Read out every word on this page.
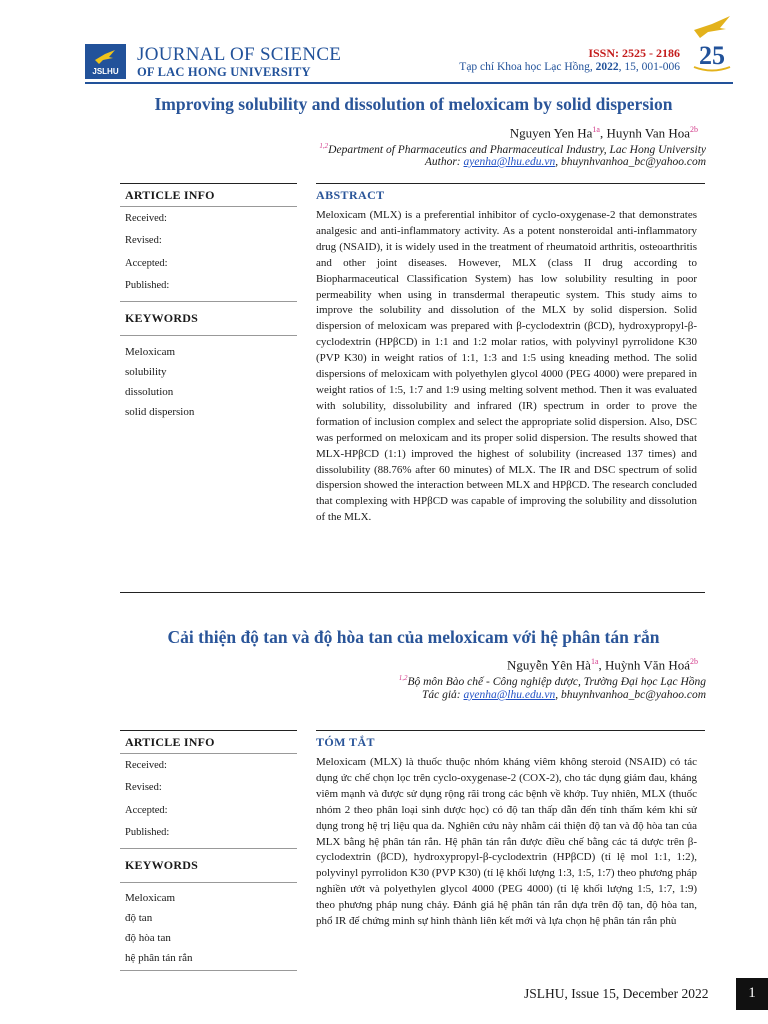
JSLHU
JOURNAL OF SCIENCE
OF LAC HONG UNIVERSITY
ISSN: 2525 - 2186
Tạp chí Khoa học Lạc Hồng, 2022, 15, 001-006 25
Improving solubility and dissolution of meloxicam by solid dispersion
Nguyen Yen $Ha^{1a}$, Huynh Van Hoa$^{2b}$
$^{1,2}$Department of Pharmaceutics and Pharmaceutical Industry, Lac Hong University
Author: ayenha@lhu.edu.vn, bhuynhvanhoa_bc@yahoo.com
ARTICLE INFO
Received:
Revised:
Accepted:
Published:
KEYWORDS
Meloxicam
solubility
dissolution
solid dispersion
ABSTRACT
Meloxicam (MLX) is a preferential inhibitor of cyclo-oxygenase-2 that demonstrates analgesic and anti-inflammatory activity. As a potent nonsteroidal anti-inflammatory drug (NSAID), it is widely used in the treatment of rheumatoid arthritis, osteoarthritis and other joint diseases. However, MLX (class II drug according to Biopharmaceutical Classification System) has low solubility resulting in poor permeability when using in transdermal therapeutic system. This study aims to improve the solubility and dissolution of the MLX by solid dispersion. Solid dispersion of meloxicam was prepared with β-cyclodextrin (βCD), hydroxypropyl-β-cyclodextrin (HPβCD) in 1:1 and 1:2 molar ratios, with polyvinyl pyrrolidone K30 (PVP K30) in weight ratios of 1:1, 1:3 and 1:5 using kneading method. The solid dispersions of meloxicam with polyethylen glycol 4000 (PEG 4000) were prepared in weight ratios of 1:5, 1:7 and 1:9 using melting solvent method. Then it was evaluated with solubility, dissolubility and infrared (IR) spectrum in order to prove the formation of inclusion complex and select the appropriate solid dispersion. Also, DSC was performed on meloxicam and its proper solid dispersion. The results showed that MLX-HPβCD (1:1) improved the highest of solubility (increased 137 times) and dissolubility (88.76% after 60 minutes) of MLX. The IR and DSC spectrum of solid dispersion showed the interaction between MLX and HPβCD. The research concluded that complexing with HPβCD was capable of improving the solubility and dissolution of the MLX.
Cải thiện độ tan và độ hòa tan của meloxicam với hệ phân tán rắn
Nguyễn Yên $Hà^{1a}$, Huỳnh Văn Hoá$^{2b}$
$^{1,2}$Bộ môn Bào chế - Công nghiệp dược, Trường Đại học Lạc Hồng
Tác giả: ayenha@lhu.edu.vn, bhuynhvanhoa_bc@yahoo.com
ARTICLE INFO
Received:
Revised:
Accepted:
Published:
KEYWORDS
Meloxicam
độ tan
độ hòa tan
hệ phân tán rắn
TÓM TẮT
Meloxicam (MLX) là thuốc thuộc nhóm kháng viêm không steroid (NSAID) có tác dụng ức chế chọn lọc trên cyclo-oxygenase-2 (COX-2), cho tác dụng giảm đau, kháng viêm mạnh và được sử dụng rộng rãi trong các bệnh về khớp. Tuy nhiên, MLX (thuốc nhóm 2 theo phân loại sinh dược học) có độ tan thấp dẫn đến tính thấm kém khi sử dụng trong hệ trị liệu qua da. Nghiên cứu này nhằm cải thiện độ tan và độ hòa tan của MLX bằng hệ phân tán rắn. Hệ phân tán rắn được điều chế bằng các tá dược trên β-cyclodextrin (βCD), hydroxypropyl-β-cyclodextrin (HPβCD) (tỉ lệ mol 1:1, 1:2), polyvinyl pyrrolidon K30 (PVP K30) (tỉ lệ khối lượng 1:3, 1:5, 1:7) theo phương pháp nghiền ướt và polyethylen glycol 4000 (PEG 4000) (tỉ lệ khối lượng 1:5, 1:7, 1:9) theo phương pháp nung chảy. Đánh giá hệ phân tán rắn dựa trên độ tan, độ hòa tan, phổ IR để chứng minh sự hình thành liên kết mới và lựa chọn hệ phân tán rắn phù
JSLHU, Issue 15, December 2022	1
